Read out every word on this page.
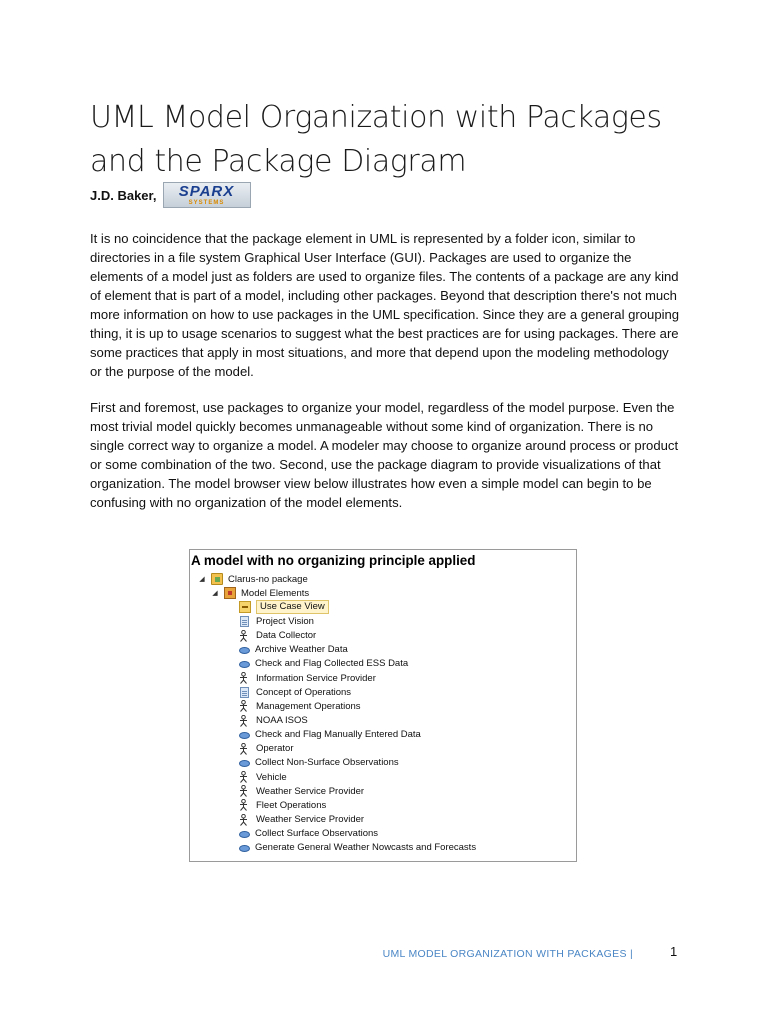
UML Model Organization with Packages and the Package Diagram
J.D. Baker, SPARX
SYSTEMS

It is no coincidence that the package element in UML is represented by a folder icon, similar to directories in a file system Graphical User Interface (GUI). Packages are used to organize the elements of a model just as folders are used to organize files. The contents of a package are any kind of element that is part of a model, including other packages. Beyond that description there's not much more information on how to use packages in the UML specification. Since they are a general grouping thing, it is up to usage scenarios to suggest what the best practices are for using packages. There are some practices that apply in most situations, and more that depend upon the modeling methodology or the purpose of the model.

First and foremost, use packages to organize your model, regardless of the model purpose. Even the most trivial model quickly becomes unmanageable without some kind of organization. There is no single correct way to organize a model. A modeler may choose to organize around process or product or some combination of the two. Second, use the package diagram to provide visualizations of that organization. The model browser view below illustrates how even a simple model can begin to be confusing with no organization of the model elements.

A model with no organizing principle applied
◢ Clarus-no package
◢ Model Elements
Use Case View
Project Vision
Data Collector
Archive Weather Data
Check and Flag Collected ESS Data
Information Service Provider
Concept of Operations
Management Operations
NOAA ISOS
Check and Flag Manually Entered Data
Operator
Collect Non-Surface Observations
Vehicle
Weather Service Provider
Fleet Operations
Weather Service Provider
Collect Surface Observations
Generate General Weather Nowcasts and Forecasts
UML MODEL ORGANIZATION WITH PACKAGES |	1
